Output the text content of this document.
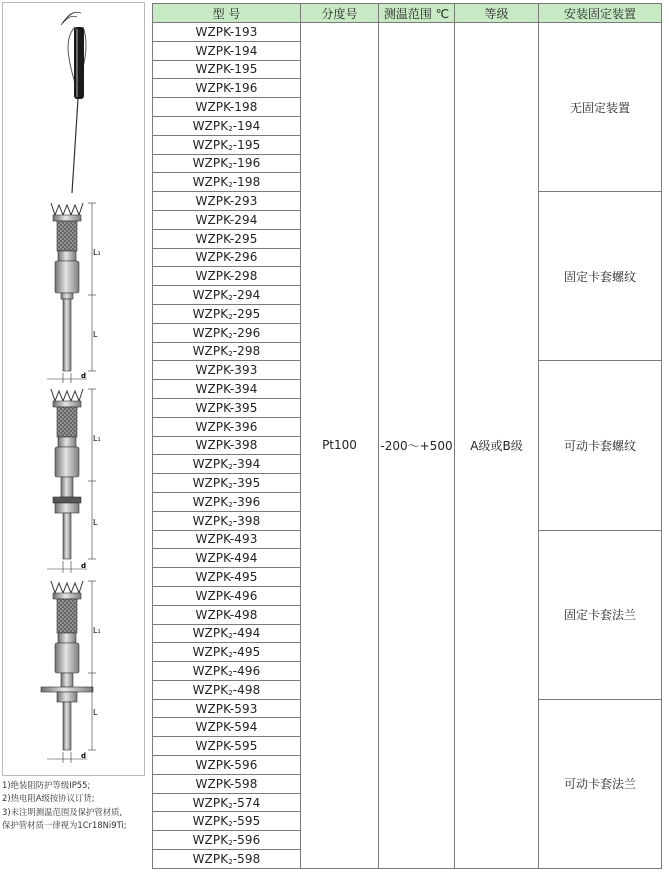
L₁
L
d
L₁
L
d
L₁
L
d
1)绝装阻防护等级IP55;
2)热电阻A级按协议订货;
3)未注明测温范围及保护管材质,
保护管材质一律视为1Cr18Ni9Ti;
型 号	分度号	测温范围 ℃	等级	安装固定装置
WZPK-193	Pt100	-200～+500	A级或B级	无固定装置
WZPK-194				
WZPK-195				
WZPK-196				
WZPK-198				
$WZPK_2-194$				
$WZPK_2-195$				
$WZPK_2-196$				
$WZPK_2-198$				
WZPK-293				固定卡套螺纹
WZPK-294				
WZPK-295				
WZPK-296				
WZPK-298				
$WZPK_2-294$				
$WZPK_2-295$				
$WZPK_2-296$				
$WZPK_2-298$				
WZPK-393				可动卡套螺纹
WZPK-394				
WZPK-395				
WZPK-396				
WZPK-398				
$WZPK_2-394$				
$WZPK_2-395$				
$WZPK_2-396$				
$WZPK_2-398$				
WZPK-493				固定卡套法兰
WZPK-494				
WZPK-495				
WZPK-496				
WZPK-498				
$WZPK_2-494$				
$WZPK_2-495$				
$WZPK_2-496$				
$WZPK_2-498$				
WZPK-593				可动卡套法兰
WZPK-594				
WZPK-595				
WZPK-596				
WZPK-598				
$WZPK_2-574$				
$WZPK_2-595$				
$WZPK_2-596$				
$WZPK_2-598$				
